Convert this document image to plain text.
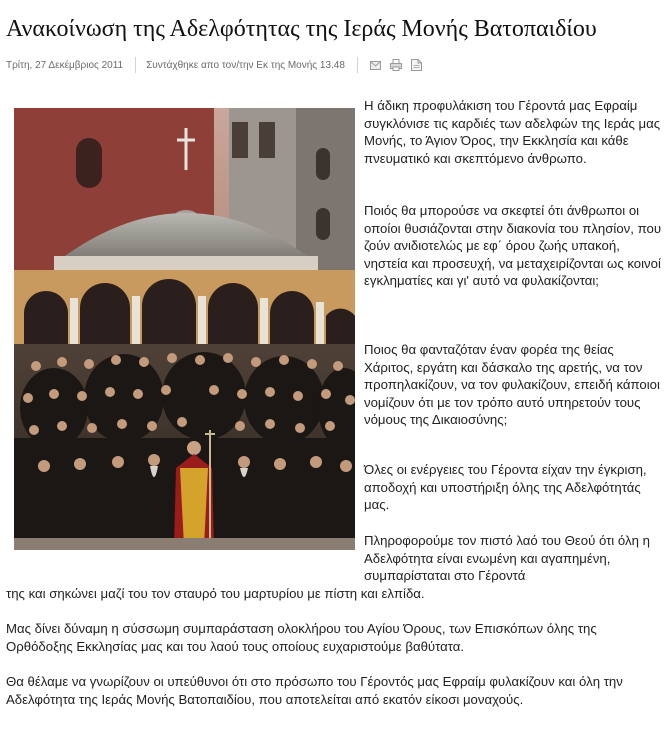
Ανακοίνωση της Αδελφότητας της Ιεράς Μονής Βατοπαιδίου
Τρίτη, 27 Δεκέμβριος 2011 Συντάχθηκε απο τον/την Εκ της Μονής 13.48

Η άδικη προφυλάκιση του Γέροντά μας Εφραίμ συγκλόνισε τις καρδιές των αδελφών της Ιεράς μας Μονής, το Άγιον Όρος, την Εκκλησία και κάθε πνευματικό και σκεπτόμενο άνθρωπο.

Ποιός θα μπορούσε να σκεφτεί ότι άνθρωποι οι οποίοι θυσιάζονται στην διακονία του πλησίον, που ζούν ανιδιοτελώς με εφ΄ όρου ζωής υπακοή, νηστεία και προσευχή, να μεταχειρίζονται ως κοινοί εγκληματίες και γι' αυτό να φυλακίζονται;

Ποιος θα φανταζόταν έναν φορέα της θείας Χάριτος, εργάτη και δάσκαλο της αρετής, να τον προπηλακίζουν, να τον φυλακίζουν, επειδή κάποιοι νομίζουν ότι με τον τρόπο αυτό υπηρετούν τους νόμους της Δικαιοσύνης;

Όλες οι ενέργειες του Γέροντα είχαν την έγκριση, αποδοχή και υποστήριξη όλης της Αδελφότητάς μας.

Πληροφορούμε τον πιστό λαό του Θεού ότι όλη η Αδελφότητα είναι ενωμένη και αγαπημένη, συμπαρίσταται στο Γέροντά

της και σηκώνει μαζί του τον σταυρό του μαρτυρίου με πίστη και ελπίδα.

Μας δίνει δύναμη η σύσσωμη συμπαράσταση ολοκλήρου του Αγίου Όρους, των Επισκόπων όλης της Ορθόδοξης Εκκλησίας μας και του λαού τους οποίους ευχαριστούμε βαθύτατα.

Θα θέλαμε να γνωρίζουν οι υπεύθυνοι ότι στο πρόσωπο του Γέροντός μας Εφραίμ φυλακίζουν και όλη την Αδελφότητα της Ιεράς Μονής Βατοπαιδίου, που αποτελείται από εκατόν είκοσι μοναχούς.
